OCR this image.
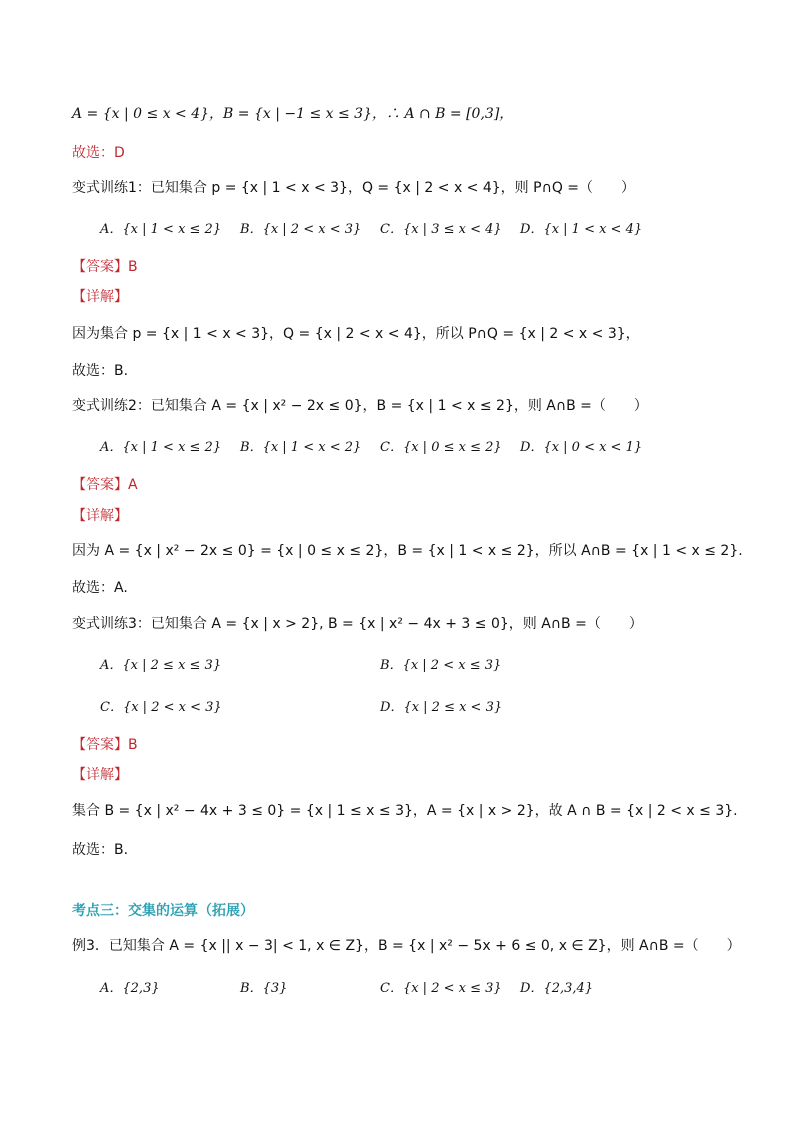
A = {x | 0 ≤ x < 4}，B = {x | −1 ≤ x ≤ 3}，∴ A ∩ B = [0,3]，
故选：D
变式训练1：已知集合 p = {x | 1 < x < 3}，Q = {x | 2 < x < 4}，则 P∩Q =（　　）
A．{x | 1 < x ≤ 2} B．{x | 2 < x < 3} C．{x | 3 ≤ x < 4} D．{x | 1 < x < 4}
【答案】B
【详解】
因为集合 p = {x | 1 < x < 3}，Q = {x | 2 < x < 4}，所以 P∩Q = {x | 2 < x < 3}，
故选：B.
变式训练2：已知集合 A = {x | x² − 2x ≤ 0}，B = {x | 1 < x ≤ 2}，则 A∩B =（　　）
A．{x | 1 < x ≤ 2} B．{x | 1 < x < 2} C．{x | 0 ≤ x ≤ 2} D．{x | 0 < x < 1}
【答案】A
【详解】
因为 A = {x | x² − 2x ≤ 0} = {x | 0 ≤ x ≤ 2}，B = {x | 1 < x ≤ 2}，所以 A∩B = {x | 1 < x ≤ 2}.
故选：A.
变式训练3：已知集合 A = {x | x > 2}, B = {x | x² − 4x + 3 ≤ 0}，则 A∩B =（　　）
A．{x | 2 ≤ x ≤ 3}	B．{x | 2 < x ≤ 3}
C．{x | 2 < x < 3}	D．{x | 2 ≤ x < 3}
【答案】B
【详解】
集合 B = {x | x² − 4x + 3 ≤ 0} = {x | 1 ≤ x ≤ 3}，A = {x | x > 2}，故 A ∩ B = {x | 2 < x ≤ 3}.
故选：B.
考点三：交集的运算（拓展）
例3．已知集合 A = {x || x − 3| < 1, x ∈ Z}，B = {x | x² − 5x + 6 ≤ 0, x ∈ Z}，则 A∩B =（　　）
A．{2,3}	B．{3}	C．{x | 2 < x ≤ 3} D．{2,3,4}
